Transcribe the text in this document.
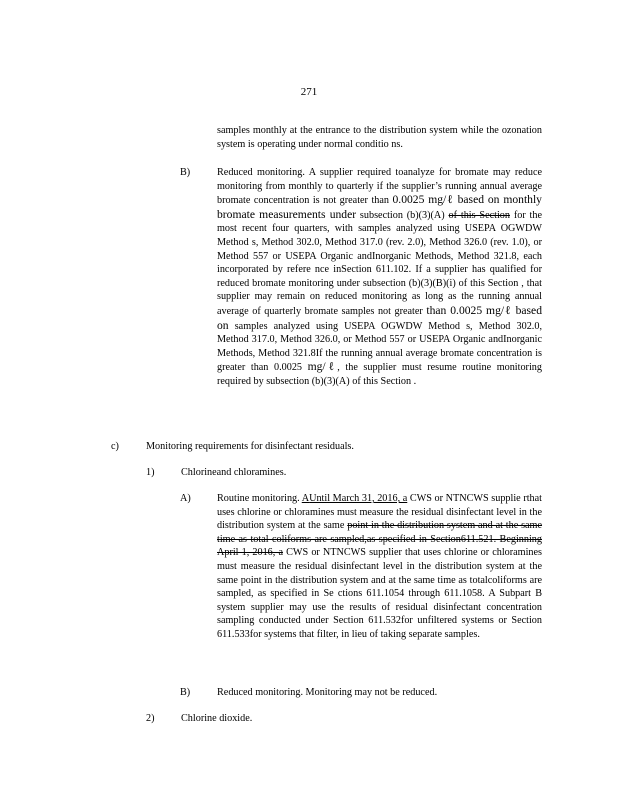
271

samples monthly at the entrance to the distribution system while the ozonation system is operating under normal conditio ns.

B)	Reduced monitoring. A supplier required toanalyze for bromate may reduce monitoring from monthly to quarterly if the supplier’s running annual average bromate concentration is not greater than 0.0025 mg/ℓ based on monthly bromate measurements under subsection (b)(3)(A) of this Section for the most recent four quarters, with samples analyzed using USEPA OGWDW Method s, Method 302.0, Method 317.0 (rev. 2.0), Method 326.0 (rev. 1.0), or Method 557 or USEPA Organic andInorganic Methods, Method 321.8, each incorporated by refere nce inSection 611.102. If a supplier has qualified for reduced bromate monitoring under subsection (b)(3)(B)(i) of this Section , that supplier may remain on reduced monitoring as long as the running annual average of quarterly bromate samples not greater than 0.0025 mg/ℓ based on samples analyzed using USEPA OGWDW Method s, Method 302.0, Method 317.0, Method 326.0, or Method 557 or USEPA Organic andInorganic Methods, Method 321.8If the running annual average bromate concentration is greater than 0.0025 mg/ℓ, the supplier must resume routine monitoring required by subsection (b)(3)(A) of this Section .

c)	Monitoring requirements for disinfectant residuals.

1)	Chlorineand chloramines.

A)	Routine monitoring. AUntil March 31, 2016, a CWS or NTNCWS supplie rthat uses chlorine or chloramines must measure the residual disinfectant level in the distribution system at the same point in the distribution system and at the same time as total coliforms are sampled,as specified in Section611.521. Beginning April 1, 2016, a CWS or NTNCWS supplier that uses chlorine or chloramines must measure the residual disinfectant level in the distribution system at the same point in the distribution system and at the same time as totalcoliforms are sampled, as specified in Se ctions 611.1054 through 611.1058. A Subpart B system supplier may use the results of residual disinfectant concentration sampling conducted under Section 611.532for unfiltered systems or Section 611.533for systems that filter, in lieu of taking separate samples.

B)	Reduced monitoring. Monitoring may not be reduced.

2)	Chlorine dioxide.
